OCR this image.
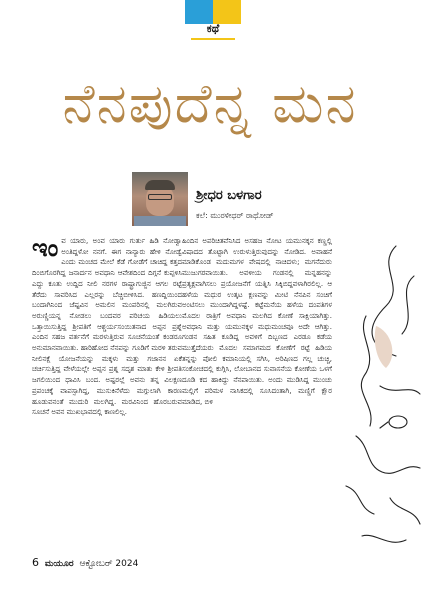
ಕಥೆ
ನೆನಪುದೆನ್ನ ಮನ
ಶ್ರೀಧರ ಬಳಗಾರ
ಕಲೆ: ಮುರಳೀಧರ್ ರಾಥೋಡ್
ಇಂವ ಯಾರು, ಅಂವ ಯಾರು ಗುರ್ತು ಹಿಡಿ ನೋಡ್ವಾ ಅಂತಿದ್ದಳೋ ನನಗೆ. ಈಗ ನಾನ್ಯಾರು ಹೇಳಿ ನೋಡ್ವೆ ಎಂದು ಮಂಚದ ಮೇಲೆ ಕೆಡೆ ಗೋಡೆಗೆ ಚಾಚಿದ್ದ ಕತ್ತದ ದಿಂಬಿಗೊರಗಿದ್ದ ಜನಾರ್ದನ ಅವಧಾನಿ ಆವೇಶದಿಂದ ದಿಗ್ಗನೆ ಕುಪ್ಪಳಿಸಿ ಎದ್ದು ಕೂತು ಉದ್ದಿದ ನೀಲಿ ನರಗಳ ರಾಷ್ಟ್ರಾಗುಜ್ಜಿನ ಆಗಲ ರಟ್ಟೆ ತೆರೆದು ಸಾವರಿಸಿದ ಎಲ್ಲರನ್ನು ಬೆಚ್ಚಿಬೀಳಿಸಿದ. ಹಣದ್ದಿಯಿಂದ ಬಂದಾಗಿನಿಂದ ಜೆಷ್ಟವಿನ ಅಮಲಿನ ಮಂಪರಿನಲ್ಲಿ ಮಲಗಿರುವ ಅರುಣ್ಣಿಯನ್ನ ನೋಡಲು ಬಂದವರ ಪರಿಚಯ ಹಿಡಿಯಲು ಒತ್ತಾಯಿಸುತ್ತಿದ್ದ ಶ್ರೀಪತಿಗೆ ಆಶ್ಚರ್ಯಸಂಯಿತನಾದ ಅಪ್ಪನ ಪ್ರಶ್ನೆ ಎಂದಿನ ಸಹಜ ವರ್ತನೆಗೆ ಮರಳುತ್ತಿರುವ ಸೂಚನೆಯಂತೆ ಕಂಡರೂ ಅನುಮಾನವಾಯಿತು. ಹಾರಿಹೋದ ನೆನಪನ್ನು ಗೂಡಿಗೆ ಮರಳಿ ತರುವ ನೀಲಿನಕ್ಷೆ ಯೋಜನೆಯನ್ನು ಮಕ್ಕಳು ಮತ್ತು ಗಜಾನನ ಏಕೆ ಚರ್ಚಿಸುತ್ತಿದ್ದ ವೇಳೆಯಲ್ಲೇ ಅಪ್ಪನ ಪ್ರಶ್ನ ಸದೃಶ ಮಾತು ಕೇಳಿ ಶ್ರೀಪತಿ ಜಗಲಿಯಿಂದ ಧಾವಿಸಿ ಬಂದ. ಅಷ್ಟರಲ್ಲೆ ಅವನು ತನ್ನ ವಿಲಕ್ಷಣ ಪ್ರಪಂಚಕ್ಕೆ ವಾಪಸ್ಸಾಗಿದ್ದ, ಮುಸುಕಿನೆಳೆದು ಮಗ್ಗುಲಾಗಿ ಕಾರಣ ಹೂಡುವನಂತೆ ಮುದುರಿ ಮಲಗಿದ್ದ. ಮರವಿನಿಂದ ಹೊರಬರುವ ಸೂಚನೆ ಅವನ ಮುಖಭಾವದಲ್ಲಿ ಕಾಣಲಿಲ್ಲ.
ಹಿಂದಿನ ಅಪರಿಚಿತವೆನಿಸಿದ ಅಸಹಜ ನೋಟ ಯಮುನಕ್ಕನ ಕಣ್ಣಲ್ಲಿ ವಿಷಾದದ ತೊಟ್ಟಾಗಿ ಉರುಳುತ್ತಿರುವುದನ್ನು ನೋಡಿದ. ಅವಾಹನೆ ಮಾಡಿಕೊಂಡ ಮದುಮಗಳ ವೇಷದಲ್ಲಿ ನಾಚಿದಳು; ಮಗನೆದುರು ಮುಜುಗರವಾಯಿತು. ಅವಳೀಯ ಗಂಡನಲ್ಲಿ ಮನ್ನಹನನ್ನು ಪ್ರತ್ಯಕ್ಷವಾಗಿಸಲು ಪ್ರಯೋಜನೆಗೆ ಯತ್ನಿಸಿ ಸಿಕ್ಕಿಬಿದ್ದವಳಾಗಿರಲಿಲ್ಲ. ಆ ಹಳೆಯ ಮಧುರ ಉತ್ಕಟ ಕ್ಷಣವನ್ನು ಮೀಟಿ ನೆನಪಿನ ಸಂಚಿಗೆ ಅಂಟಿಸಲು ಮುಂದಾಗಿದ್ದಳಷ್ಟೆ. ಕಟ್ಟೆಮನೆಯ ಹಳೆಯ ದಂಪತಿಗಳ ಮೊದಲ ರಾತ್ರಿಗೆ ಅವಧಾನಿ ಮಲಗಿದ ಕೋಣೆ ಸಾಕ್ಷಿಯಾಗಿತ್ತು. ಅವಧಾನಿ ಮತ್ತು ಯಮುನಕ್ಕಳ ಮಧುಮಂಚವೂ ಅದೇ ಆಗಿತ್ತು. ಗಂಡನ ಸಹಿತ ಕೂಡಿದ್ದ ಅವಳಿಗೆ ದಿಬ್ಬಣದ ಎರಡೂ ಕಡೆಯ ಮುತ್ತೈದೆಯರು ಮೊದಲ ಸಮಾಗಮದ ಕೋಣೆಗೆ ರಟ್ಟೆ ಹಿಡಿಯ ತನ್ನನ್ನು ಪೋಲಿ ಕಮಾನಿಯಲ್ಲಿ ಸಗಿಸಿ, ಅರಿಷಿಣದ ಗಲ್ಲ ಚುಚ್ಚಿ, ಸಂಕೋಚದಲ್ಲಿ ಕುಗ್ಗಿಸಿ, ಲೋಬಾನದ ಸುವಾಸನೆಯ ಕೋಣೆಯ ಒಳಗೆ ದೂಡಿ ಕದ ಹಾಕಿದ್ದು ನೆನಪಾಯಿತು. ಅಂದು ಮುಡಿಸಿದ್ದ ಮುಂಚು ಮಲ್ಲಿಗೆ ಪರಿಮಳ ನಾಸಿಕದಲ್ಲಿ ಸೂಸಿದಂತಾಗಿ, ಮಣ್ಣಿಗೆ ಕ್ಷೌರ ಮಾಡಿದ, ಬಿಳಿ
6 ಮಯೂರ ಆಕ್ಟೋಬರ್ 2024
